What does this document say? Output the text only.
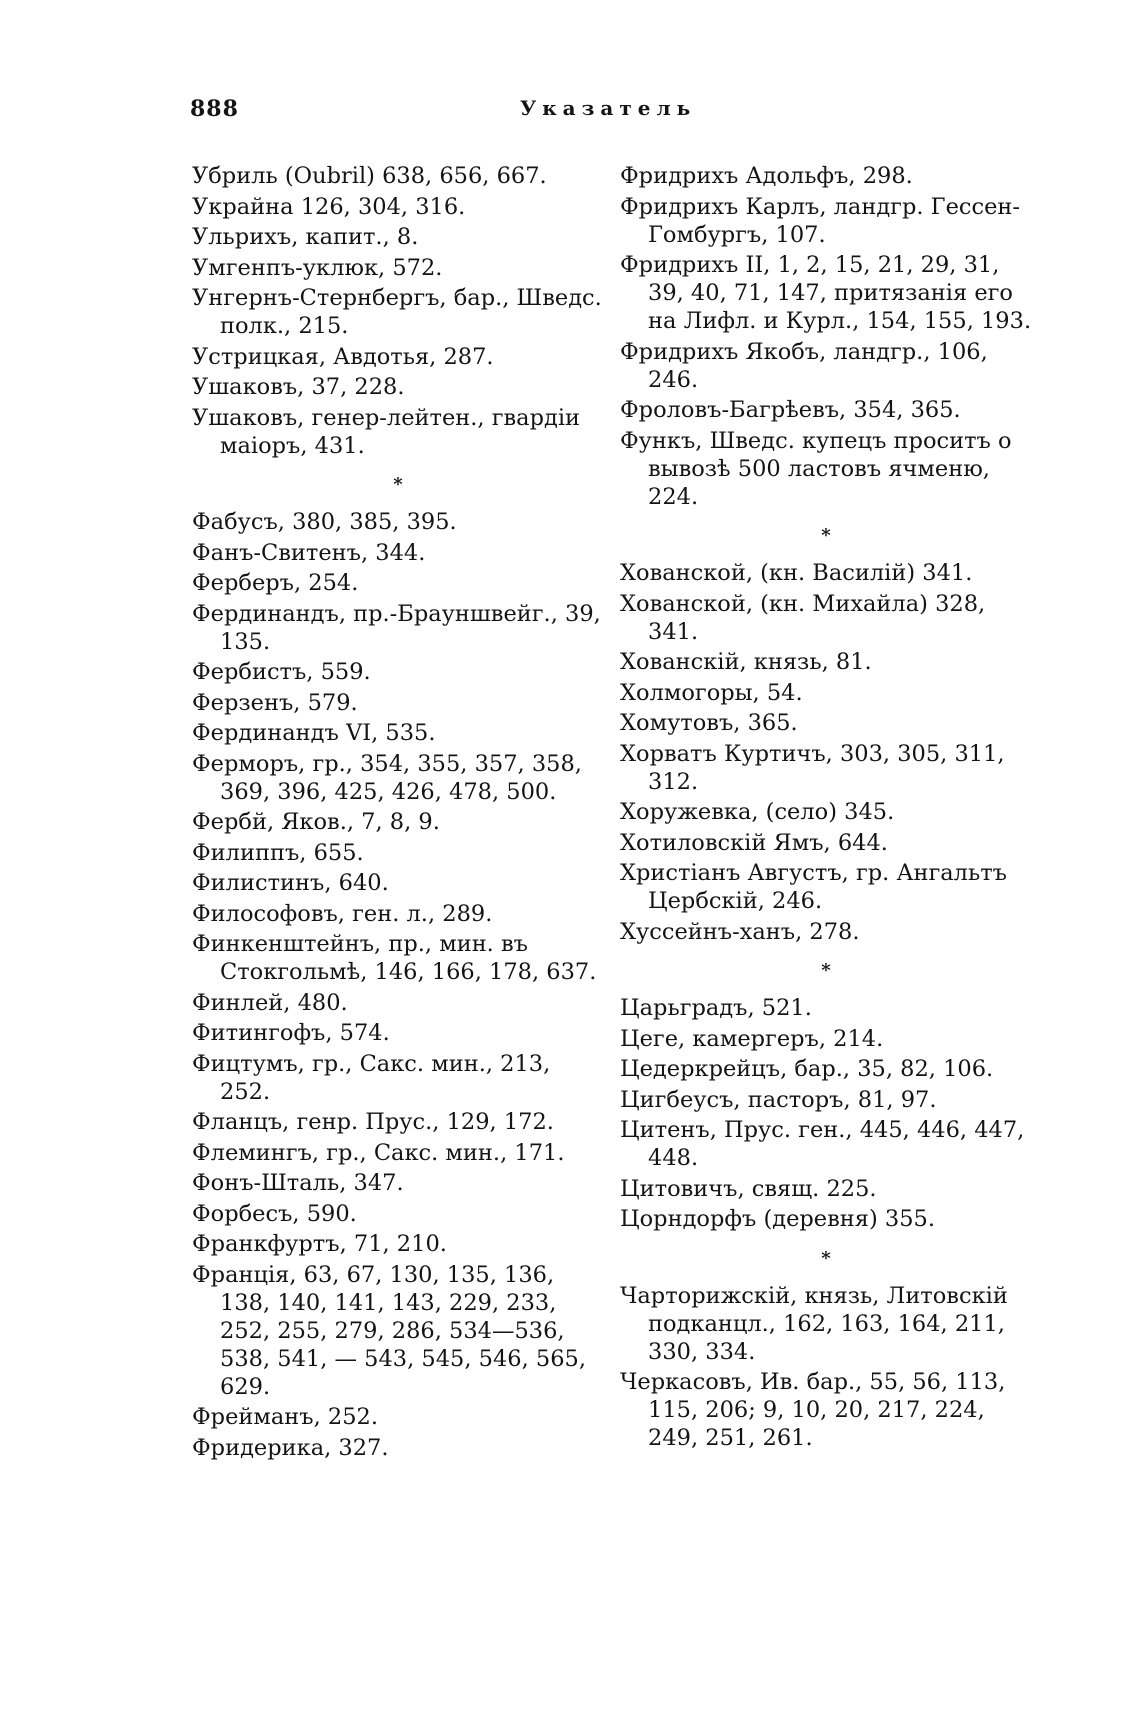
888	Указатель
Убриль (Oubril) 638, 656, 667.
Украйна 126, 304, 316.
Ульрихъ, капит., 8.
Умгенпъ-уклюк, 572.
Унгернъ-Стернбергъ, бар., Шведс. полк., 215.
Устрицкая, Авдотья, 287.
Ушаковъ, 37, 228.
Ушаковъ, генер-лейтен., гвардіи маіоръ, 431.
*
Фабусъ, 380, 385, 395.
Фанъ-Свитенъ, 344.
Ферберъ, 254.
Фердинандъ, пр.-Брауншвейг., 39, 135.
Фербистъ, 559.
Ферзенъ, 579.
Фердинандъ VI, 535.
Ферморъ, гр., 354, 355, 357, 358, 369, 396, 425, 426, 478, 500.
Фербй, Яков., 7, 8, 9.
Филиппъ, 655.
Филистинъ, 640.
Философовъ, ген. л., 289.
Финкенштейнъ, пр., мин. въ Стокгольмѣ, 146, 166, 178, 637.
Финлей, 480.
Фитингофъ, 574.
Фицтумъ, гр., Сакс. мин., 213, 252.
Фланцъ, генр. Прус., 129, 172.
Флемингъ, гр., Сакс. мин., 171.
Фонъ-Шталь, 347.
Форбесъ, 590.
Франкфуртъ, 71, 210.
Франція, 63, 67, 130, 135, 136, 138, 140, 141, 143, 229, 233, 252, 255, 279, 286, 534—536, 538, 541, — 543, 545, 546, 565, 629.
Фрейманъ, 252.
Фридерика, 327.
Фридрихъ Адольфъ, 298.
Фридрихъ Карлъ, ландгр. Гессен-Гомбургъ, 107.
Фридрихъ II, 1, 2, 15, 21, 29, 31, 39, 40, 71, 147, притязанія его на Лифл. и Курл., 154, 155, 193.
Фридрихъ Якобъ, ландгр., 106, 246.
Фроловъ-Багрѣевъ, 354, 365.
Функъ, Шведс. купецъ проситъ о вывозѣ 500 ластовъ ячменю, 224.
*
Хованской, (кн. Василій) 341.
Хованской, (кн. Михайла) 328, 341.
Хованскій, князь, 81.
Холмогоры, 54.
Хомутовъ, 365.
Хорватъ Куртичъ, 303, 305, 311, 312.
Хоружевка, (село) 345.
Хотиловскій Ямъ, 644.
Христіанъ Августъ, гр. Ангальтъ Цербскій, 246.
Хуссейнъ-ханъ, 278.
*
Царьградъ, 521.
Цеге, камергеръ, 214.
Цедеркрейцъ, бар., 35, 82, 106.
Цигбеусъ, пасторъ, 81, 97.
Цитенъ, Прус. ген., 445, 446, 447, 448.
Цитовичъ, свящ. 225.
Цорндорфъ (деревня) 355.
*
Чарторижскій, князь, Литовскій подканцл., 162, 163, 164, 211, 330, 334.
Черкасовъ, Ив. бар., 55, 56, 113, 115, 206; 9, 10, 20, 217, 224, 249, 251, 261.
